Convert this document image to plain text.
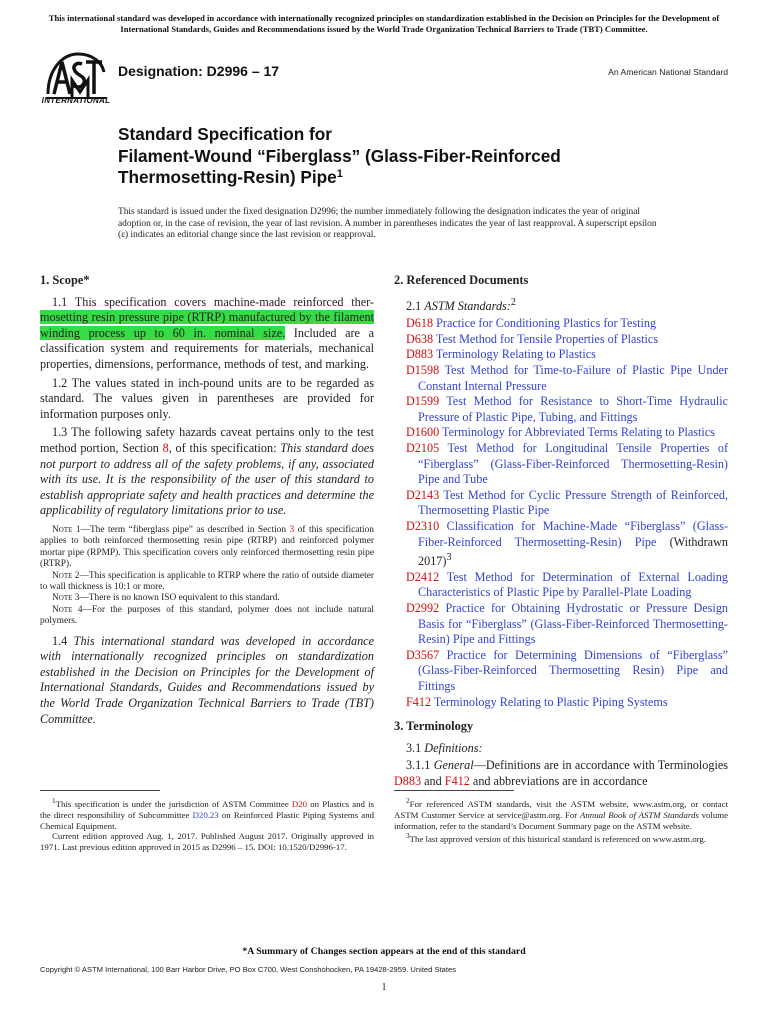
This international standard was developed in accordance with internationally recognized principles on standardization established in the Decision on Principles for the Development of International Standards, Guides and Recommendations issued by the World Trade Organization Technical Barriers to Trade (TBT) Committee.
INTERNATIONAL
Designation: D2996 – 17	An American National Standard
Standard Specification for
Filament-Wound “Fiberglass” (Glass-Fiber-Reinforced
Thermosetting-Resin) Pipe$^1$
This standard is issued under the fixed designation D2996; the number immediately following the designation indicates the year of original adoption or, in the case of revision, the year of last revision. A number in parentheses indicates the year of last reapproval. A superscript epsilon (ε) indicates an editorial change since the last revision or reapproval.
1. Scope*

1.1 This specification covers machine-made reinforced ther-mosetting resin pressure pipe (RTRP) manufactured by the filament winding process up to 60 in. nominal size. Included are a classification system and requirements for materials, mechanical properties, dimensions, performance, methods of test, and marking.

1.2 The values stated in inch-pound units are to be regarded as standard. The values given in parentheses are provided for information purposes only.

1.3 The following safety hazards caveat pertains only to the test method portion, Section 8, of this specification: This standard does not purport to address all of the safety problems, if any, associated with its use. It is the responsibility of the user of this standard to establish appropriate safety and health practices and determine the applicability of regulatory limitations prior to use.

Note 1—The term “fiberglass pipe” as described in Section 3 of this specification applies to both reinforced thermosetting resin pipe (RTRP) and reinforced polymer mortar pipe (RPMP). This specification covers only reinforced thermosetting resin pipe (RTRP).

Note 2—This specification is applicable to RTRP where the ratio of outside diameter to wall thickness is 10:1 or more.

Note 3—There is no known ISO equivalent to this standard.

Note 4—For the purposes of this standard, polymer does not include natural polymers.

1.4 This international standard was developed in accordance with internationally recognized principles on standardization established in the Decision on Principles for the Development of International Standards, Guides and Recommendations issued by the World Trade Organization Technical Barriers to Trade (TBT) Committee.

2. Referenced Documents
2.1 ASTM Standards:$^2$

D618 Practice for Conditioning Plastics for Testing

D638 Test Method for Tensile Properties of Plastics

D883 Terminology Relating to Plastics

D1598 Test Method for Time-to-Failure of Plastic Pipe Under Constant Internal Pressure

D1599 Test Method for Resistance to Short-Time Hydraulic Pressure of Plastic Pipe, Tubing, and Fittings

D1600 Terminology for Abbreviated Terms Relating to Plastics

D2105 Test Method for Longitudinal Tensile Properties of “Fiberglass” (Glass-Fiber-Reinforced Thermosetting-Resin) Pipe and Tube

D2143 Test Method for Cyclic Pressure Strength of Reinforced, Thermosetting Plastic Pipe

D2310 Classification for Machine-Made “Fiberglass” (Glass-Fiber-Reinforced Thermosetting-Resin) Pipe (Withdrawn 2017)$^3$

D2412 Test Method for Determination of External Loading Characteristics of Plastic Pipe by Parallel-Plate Loading

D2992 Practice for Obtaining Hydrostatic or Pressure Design Basis for “Fiberglass” (Glass-Fiber-Reinforced Thermosetting-Resin) Pipe and Fittings

D3567 Practice for Determining Dimensions of “Fiberglass” (Glass-Fiber-Reinforced Thermosetting Resin) Pipe and Fittings

F412 Terminology Relating to Plastic Piping Systems

3. Terminology
3.1 Definitions:

3.1.1 General—Definitions are in accordance with Terminologies D883 and F412 and abbreviations are in accordance

$^1$This specification is under the jurisdiction of ASTM Committee D20 on Plastics and is the direct responsibility of Subcommittee D20.23 on Reinforced Plastic Piping Systems and Chemical Equipment.

Current edition approved Aug. 1, 2017. Published August 2017. Originally approved in 1971. Last previous edition approved in 2015 as D2996 – 15. DOI: 10.1520/D2996-17.

$^2$For referenced ASTM standards, visit the ASTM website, www.astm.org, or contact ASTM Customer Service at service@astm.org. For Annual Book of ASTM Standards volume information, refer to the standard’s Document Summary page on the ASTM website.

$^3$The last approved version of this historical standard is referenced on www.astm.org.

*A Summary of Changes section appears at the end of this standard
Copyright © ASTM International, 100 Barr Harbor Drive, PO Box C700, West Conshohocken, PA 19428-2959. United States
1
